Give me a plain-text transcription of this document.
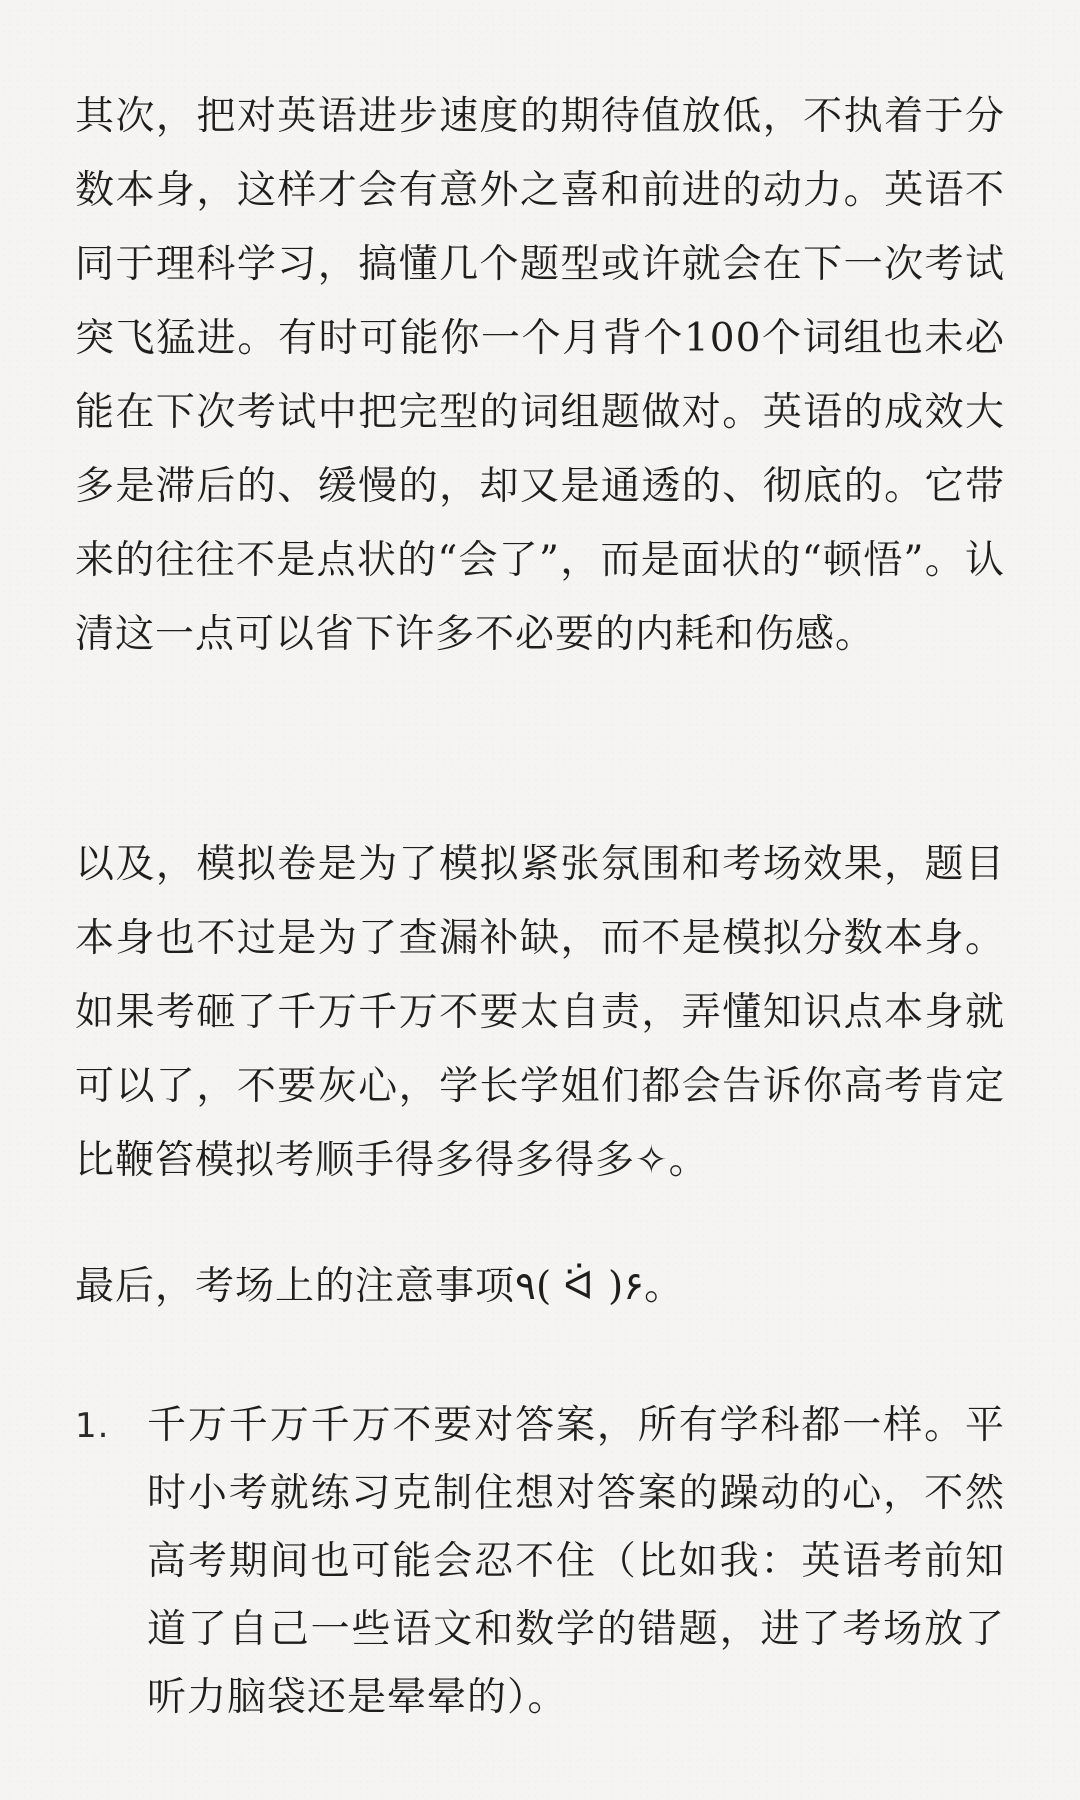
其次，把对英语进步速度的期待值放低，不执着于分数本身，这样才会有意外之喜和前进的动力。英语不同于理科学习，搞懂几个题型或许就会在下一次考试突飞猛进。有时可能你一个月背个100个词组也未必能在下次考试中把完型的词组题做对。英语的成效大多是滞后的、缓慢的，却又是通透的、彻底的。它带来的往往不是点状的“会了”，而是面状的“顿悟”。认清这一点可以省下许多不必要的内耗和伤感。

以及，模拟卷是为了模拟紧张氛围和考场效果，题目本身也不过是为了查漏补缺，而不是模拟分数本身。如果考砸了千万千万不要太自责，弄懂知识点本身就可以了，不要灰心，学长学姐们都会告诉你高考肯定比鞭笞模拟考顺手得多得多得多✧。

最后，考场上的注意事项٩( ᐛ )۶。

1. 千万千万千万不要对答案，所有学科都一样。平时小考就练习克制住想对答案的躁动的心，不然高考期间也可能会忍不住（比如我：英语考前知道了自己一些语文和数学的错题，进了考场放了听力脑袋还是晕晕的）。
